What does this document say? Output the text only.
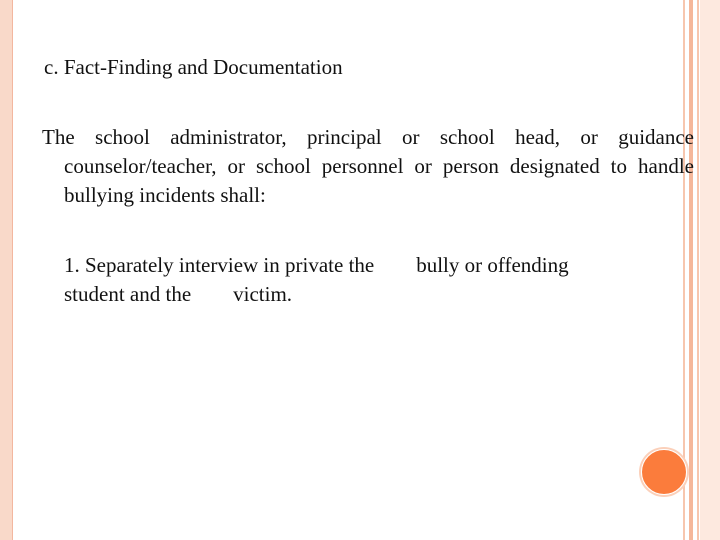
c. Fact-Finding and Documentation

The school administrator, principal or school head, or guidance counselor/teacher, or school personnel or person designated to handle bullying incidents shall:

1. Separately interview in private the        bully or offending
student and the        victim.
